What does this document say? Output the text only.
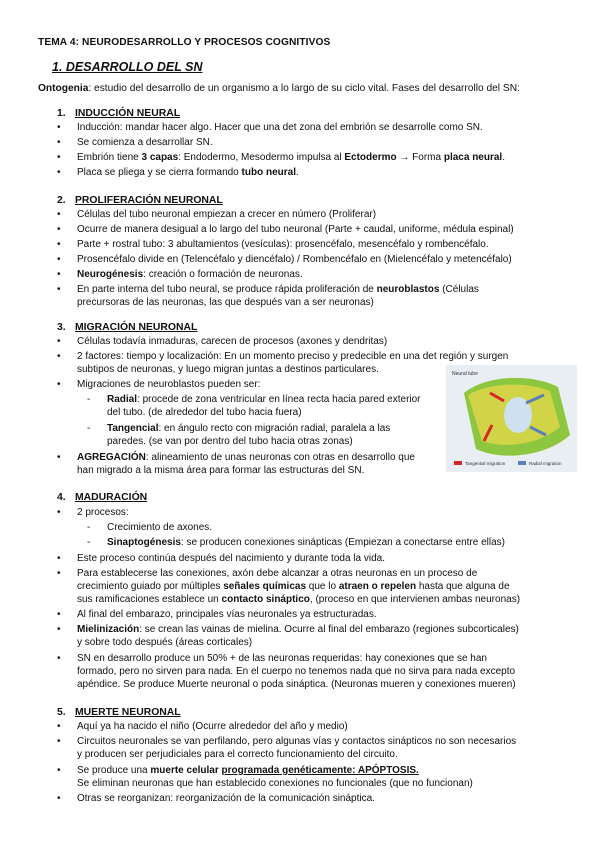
TEMA 4: NEURODESARROLLO Y PROCESOS COGNITIVOS
1. DESARROLLO DEL SN
Ontogenia: estudio del desarrollo de un organismo a lo largo de su ciclo vital. Fases del desarrollo del SN:
1. INDUCCIÓN NEURAL
• Inducción: mandar hacer algo. Hacer que una det zona del embrión se desarrolle como SN.
• Se comienza a desarrollar SN.
• Embrión tiene 3 capas: Endodermo, Mesodermo impulsa al Ectodermo → Forma placa neural.
• Placa se pliega y se cierra formando tubo neural.
2. PROLIFERACIÓN NEURONAL
• Células del tubo neuronal empiezan a crecer en número (Proliferar)
• Ocurre de manera desigual a lo largo del tubo neuronal (Parte + caudal, uniforme, médula espinal)
• Parte + rostral tubo: 3 abultamientos (vesículas): prosencéfalo, mesencéfalo y rombencéfalo.
• Prosencéfalo divide en (Telencéfalo y diencéfalo) / Rombencéfalo en (Mielencéfalo y metencéfalo)
• Neurogénesis: creación o formación de neuronas.
• En parte interna del tubo neural, se produce rápida proliferación de neuroblastos (Células
precursoras de las neuronas, las que después van a ser neuronas)
3. MIGRACIÓN NEURONAL
• Células todavía inmaduras, carecen de procesos (axones y dendritas)
• 2 factores: tiempo y localización: En un momento preciso y predecible en una det región y surgen
subtipos de neuronas, y luego migran juntas a destinos particulares.
• Migraciones de neuroblastos pueden ser:
- Radial: procede de zona ventricular en línea recta hacia pared exterior
del tubo. (de alrededor del tubo hacia fuera)
- Tangencial: en ángulo recto con migración radial, paralela a las
paredes. (se van por dentro del tubo hacia otras zonas)
• AGREGACIÓN: alineamiento de unas neuronas con otras en desarrollo que
han migrado a la misma área para formar las estructuras del SN.
Neural tube
Tangential migration	Radial migration
4. MADURACIÓN
• 2 procesos:
- Crecimiento de axones.
- Sinaptogénesis: se producen conexiones sinápticas (Empiezan a conectarse entre ellas)
• Este proceso continúa después del nacimiento y durante toda la vida.
• Para establecerse las conexiones, axón debe alcanzar a otras neuronas en un proceso de
crecimiento guiado por múltiples señales químicas que lo atraen o repelen hasta que alguna de
sus ramificaciones establece un contacto sináptico, (proceso en que intervienen ambas neuronas)
• Al final del embarazo, principales vías neuronales ya estructuradas.
• Mielinización: se crean las vainas de mielina. Ocurre al final del embarazo (regiones subcorticales)
y sobre todo después (áreas corticales)
• SN en desarrollo produce un 50% + de las neuronas requeridas: hay conexiones que se han
formado, pero no sirven para nada. En el cuerpo no tenemos nada que no sirva para nada excepto
apéndice. Se produce Muerte neuronal o poda sináptica. (Neuronas mueren y conexiones mueren)
5. MUERTE NEURONAL
• Aquí ya ha nacido el niño (Ocurre alrededor del año y medio)
• Circuitos neuronales se van perfilando, pero algunas vías y contactos sinápticos no son necesarios
y producen ser perjudiciales para el correcto funcionamiento del circuito.
• Se produce una muerte celular programada genéticamente: APÓPTOSIS.
Se eliminan neuronas que han establecido conexiones no funcionales (que no funcionan)
• Otras se reorganizan: reorganización de la comunicación sináptica.
